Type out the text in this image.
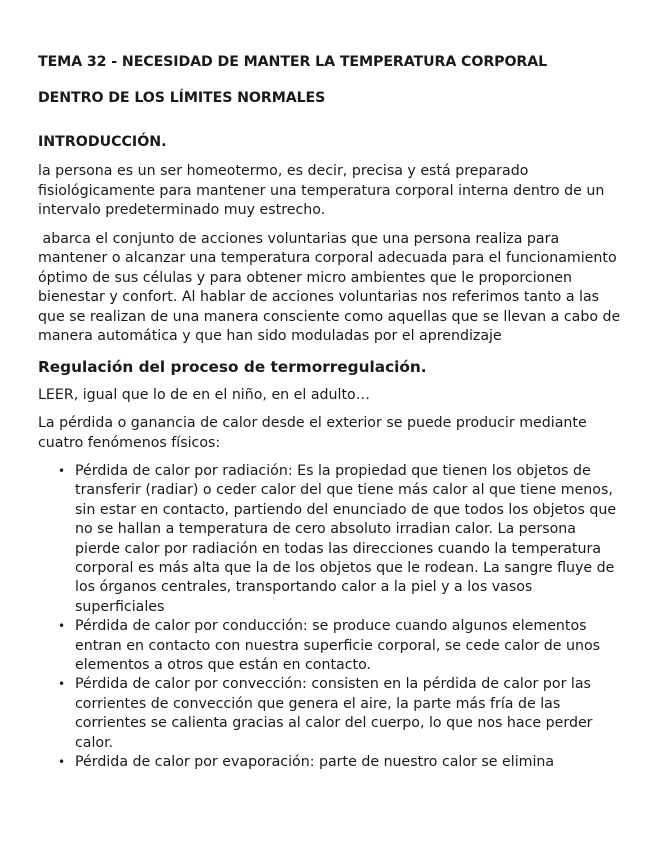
TEMA 32 - NECESIDAD DE MANTER LA TEMPERATURA CORPORAL
DENTRO DE LOS LÍMITES NORMALES
INTRODUCCIÓN.

la persona es un ser homeotermo, es decir, precisa y está preparado fisiológicamente para mantener una temperatura corporal interna dentro de un intervalo predeterminado muy estrecho.

abarca el conjunto de acciones voluntarias que una persona realiza para mantener o alcanzar una temperatura corporal adecuada para el funcionamiento óptimo de sus células y para obtener micro ambientes que le proporcionen bienestar y confort. Al hablar de acciones voluntarias nos referimos tanto a las que se realizan de una manera consciente como aquellas que se llevan a cabo de manera automática y que han sido moduladas por el aprendizaje

Regulación del proceso de termorregulación.

LEER, igual que lo de en el niño, en el adulto…

La pérdida o ganancia de calor desde el exterior se puede producir mediante cuatro fenómenos físicos:

• Pérdida de calor por radiación: Es la propiedad que tienen los objetos de transferir (radiar) o ceder calor del que tiene más calor al que tiene menos, sin estar en contacto, partiendo del enunciado de que todos los objetos que no se hallan a temperatura de cero absoluto irradian calor. La persona pierde calor por radiación en todas las direcciones cuando la temperatura corporal es más alta que la de los objetos que le rodean. La sangre fluye de los órganos centrales, transportando calor a la piel y a los vasos superficiales
• Pérdida de calor por conducción: se produce cuando algunos elementos entran en contacto con nuestra superficie corporal, se cede calor de unos elementos a otros que están en contacto.
• Pérdida de calor por convección: consisten en la pérdida de calor por las corrientes de convección que genera el aire, la parte más fría de las corrientes se calienta gracias al calor del cuerpo, lo que nos hace perder calor.
• Pérdida de calor por evaporación: parte de nuestro calor se elimina
